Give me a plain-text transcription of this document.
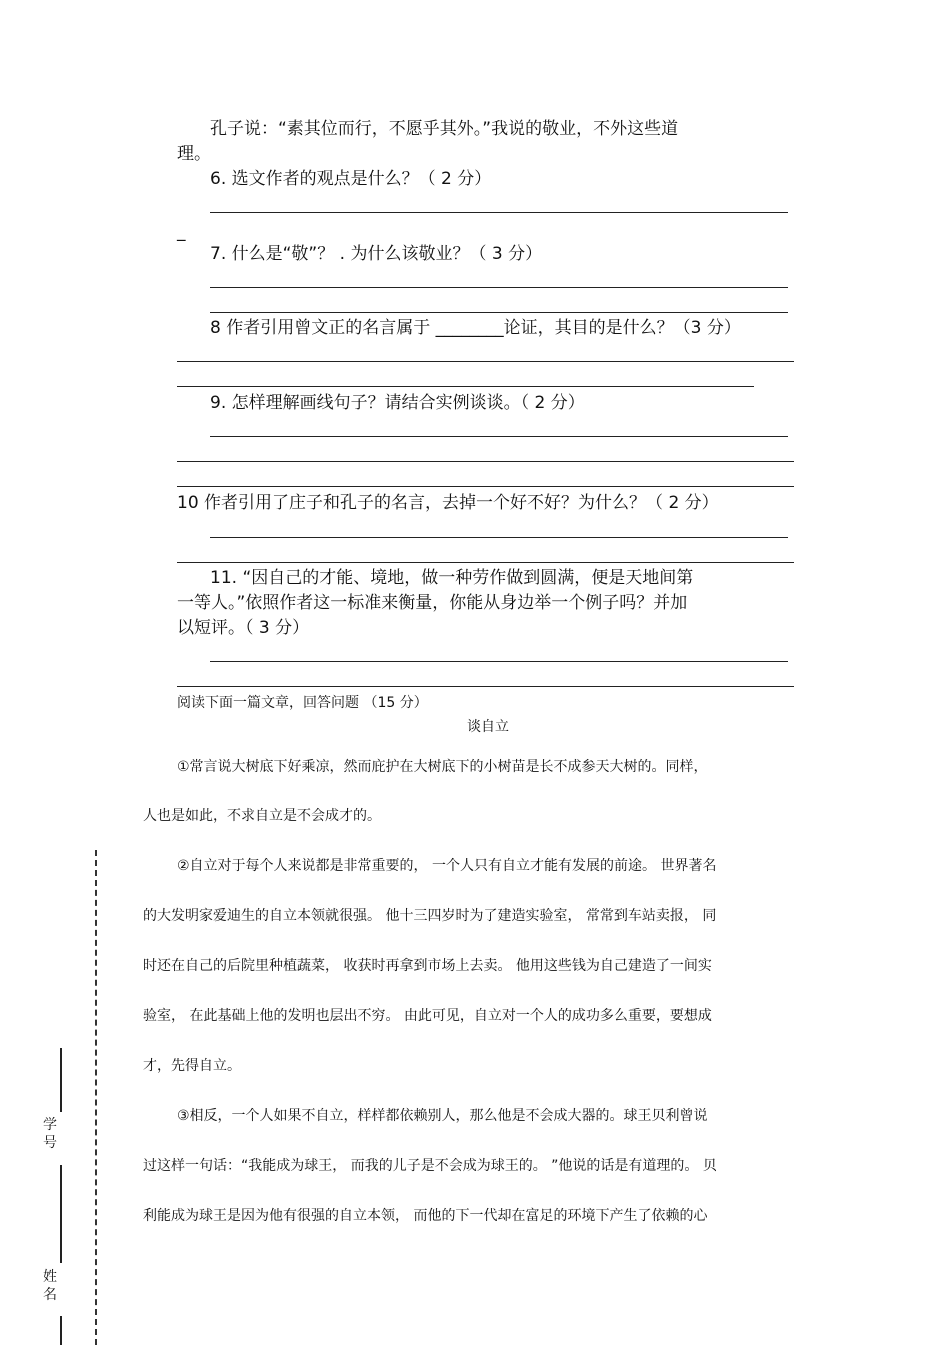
孔子说：“素其位而行，不愿乎其外。”我说的敬业，不外这些道
理。
6. 选文作者的观点是什么？（ 2 分）
_
7. 什么是“敬”？ . 为什么该敬业？（ 3 分）
8 作者引用曾文正的名言属于 ________论证，其目的是什么？（3 分）
9. 怎样理解画线句子？请结合实例谈谈。（ 2 分）
10 作者引用了庄子和孔子的名言，去掉一个好不好？为什么？（ 2 分）
11. “因自己的才能、境地，做一种劳作做到圆满，便是天地间第
一等人。”依照作者这一标准来衡量，你能从身边举一个例子吗？并加
以短评。（ 3 分）
阅读下面一篇文章，回答问题 （15 分）
谈自立
①常言说大树底下好乘凉，然而庇护在大树底下的小树苗是长不成参天大树的。同样，
人也是如此，不求自立是不会成才的。
②自立对于每个人来说都是非常重要的， 一个人只有自立才能有发展的前途。 世界著名
的大发明家爱迪生的自立本领就很强。 他十三四岁时为了建造实验室， 常常到车站卖报， 同
时还在自己的后院里种植蔬菜， 收获时再拿到市场上去卖。 他用这些钱为自己建造了一间实
验室， 在此基础上他的发明也层出不穷。 由此可见，自立对一个人的成功多么重要，要想成
才，先得自立。
③相反，一个人如果不自立，样样都依赖别人，那么他是不会成大器的。球王贝利曾说
过这样一句话：“我能成为球王， 而我的儿子是不会成为球王的。 ”他说的话是有道理的。 贝
利能成为球王是因为他有很强的自立本领， 而他的下一代却在富足的环境下产生了依赖的心
学号
姓名
